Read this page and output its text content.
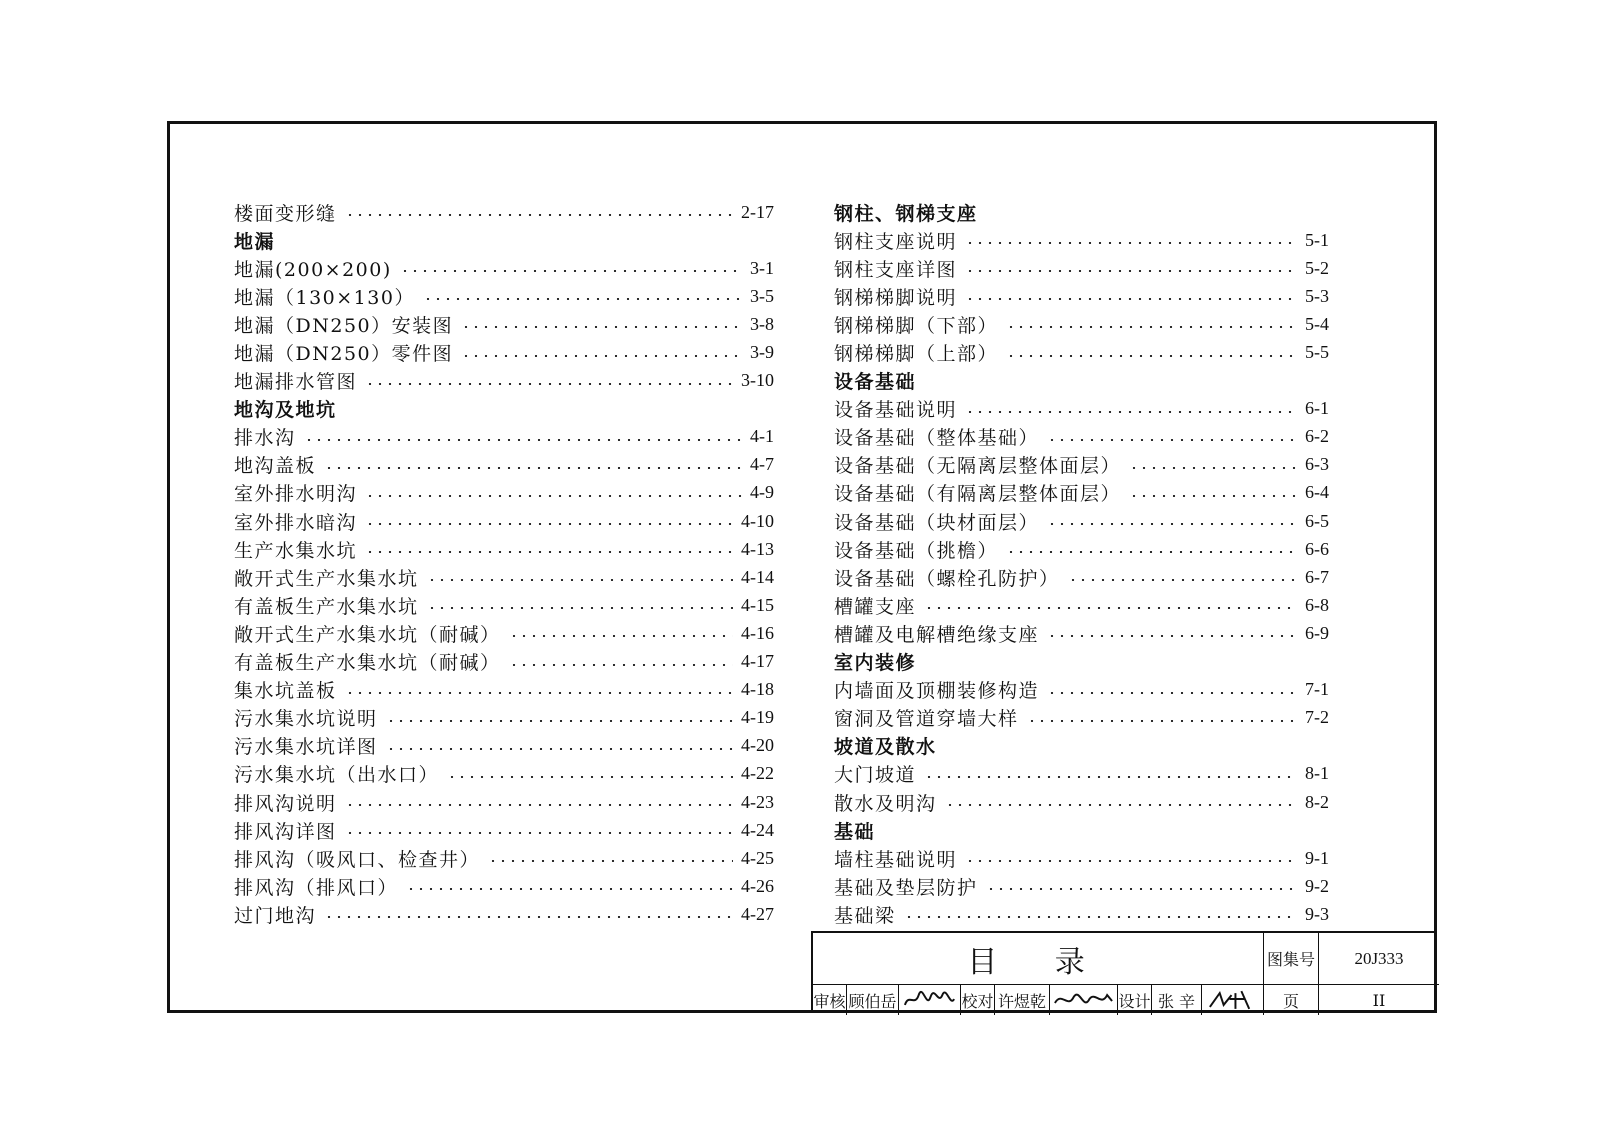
楼面变形缝	2-17
地漏
地漏(200×200)	3-1
地漏（130×130）	3-5
地漏（DN250）安装图	3-8
地漏（DN250）零件图	3-9
地漏排水管图	3-10
地沟及地坑
排水沟	4-1
地沟盖板	4-7
室外排水明沟	4-9
室外排水暗沟	4-10
生产水集水坑	4-13
敞开式生产水集水坑	4-14
有盖板生产水集水坑	4-15
敞开式生产水集水坑（耐碱）	4-16
有盖板生产水集水坑（耐碱）	4-17
集水坑盖板	4-18
污水集水坑说明	4-19
污水集水坑详图	4-20
污水集水坑（出水口）	4-22
排风沟说明	4-23
排风沟详图	4-24
排风沟（吸风口、检查井）	4-25
排风沟（排风口）	4-26
过门地沟	4-27
钢柱、钢梯支座
钢柱支座说明	5-1
钢柱支座详图	5-2
钢梯梯脚说明	5-3
钢梯梯脚（下部）	5-4
钢梯梯脚（上部）	5-5
设备基础
设备基础说明	6-1
设备基础（整体基础）	6-2
设备基础（无隔离层整体面层）	6-3
设备基础（有隔离层整体面层）	6-4
设备基础（块材面层）	6-5
设备基础（挑檐）	6-6
设备基础（螺栓孔防护）	6-7
槽罐支座	6-8
槽罐及电解槽绝缘支座	6-9
室内装修
内墙面及顶棚装修构造	7-1
窗洞及管道穿墙大样	7-2
坡道及散水
大门坡道	8-1
散水及明沟	8-2
基础
墙柱基础说明	9-1
基础及垫层防护	9-2
基础梁	9-3
目 录	图集号	20J333
审核 顾伯岳	校对 许煜乾	设计 张 辛	页	II
